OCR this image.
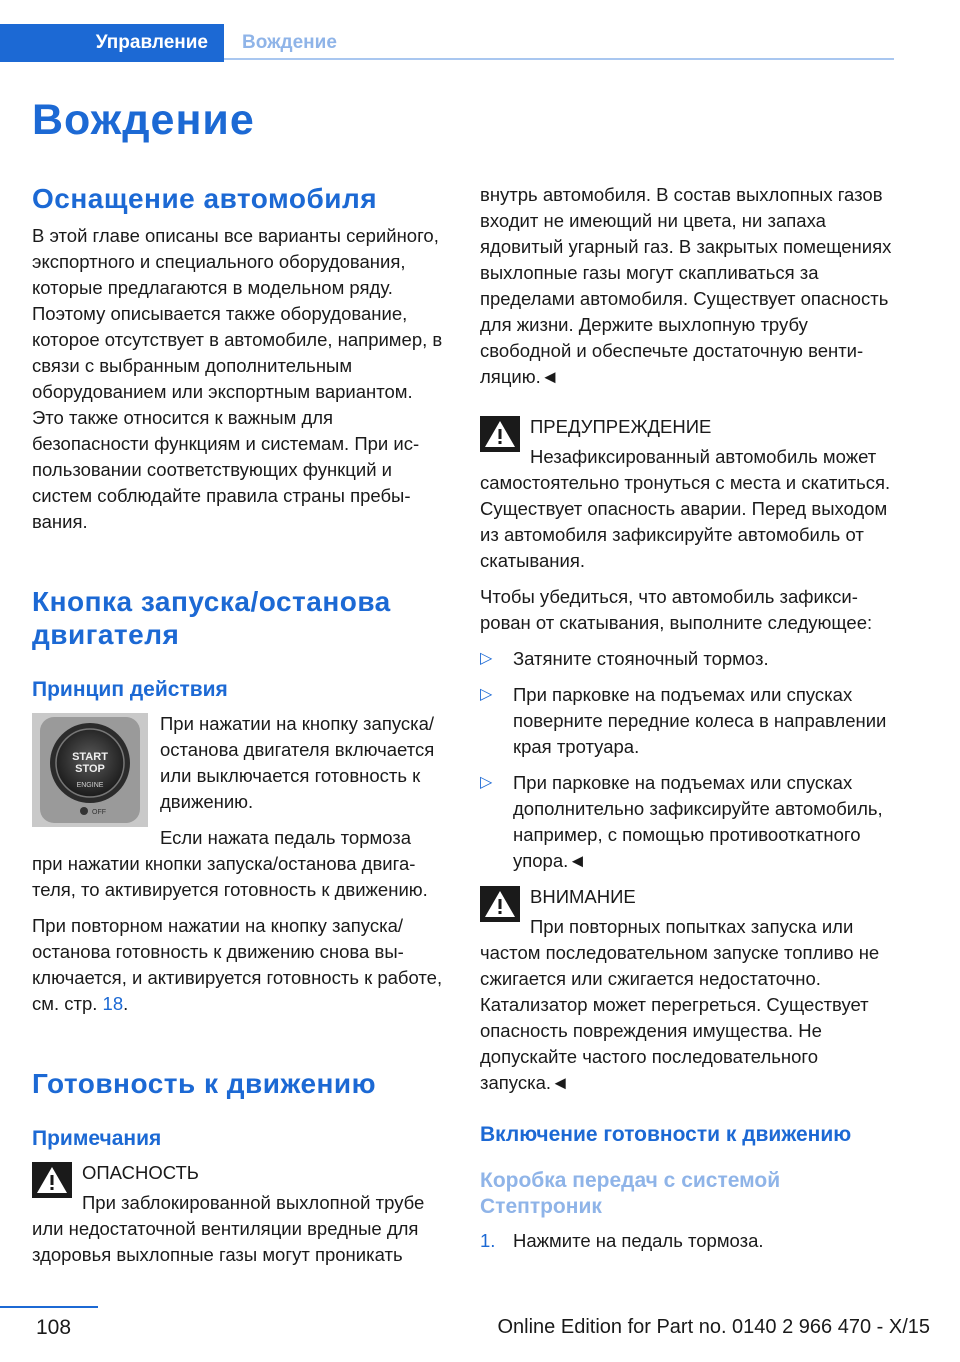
Управление	Вождение
Вождение
Оснащение автомобиля

В этой главе описаны все варианты серийного, экспортного и специального оборудования, которые предлагаются в модельном ряду. Поэтому описывается также оборудование, которое отсутствует в автомобиле, например, в связи с выбранным дополнительным оборудованием или экспортным вариантом. Это также относится к важным для безопасности функциям и системам. При использовании соответствующих функций и систем соблюдайте правила страны пребывания.

Кнопка запуска/останова двигателя
Принцип действия
START
STOP
ENGINE
OFF

При нажатии на кнопку запуска/останова двигателя включается или выключается готовность к движению.

Если нажата педаль тормоза при нажатии кнопки запуска/останова двигателя, то активируется готовность к движению.

При повторном нажатии на кнопку запуска/ останова готовность к движению снова выключается, и активируется готовность к работе, см. стр. 18.

Готовность к движению
Примечания

ОПАСНОСТЬ

При заблокированной выхлопной трубе или недостаточной вентиляции вредные для здоровья выхлопные газы могут проникать

внутрь автомобиля. В состав выхлопных газов входит не имеющий ни цвета, ни запаха ядовитый угарный газ. В закрытых помещениях выхлопные газы могут скапливаться за пределами автомобиля. Существует опасность для жизни. Держите выхлопную трубу свободной и обеспечьте достаточную вентиляцию.◄

ПРЕДУПРЕЖДЕНИЕ

Незафиксированный автомобиль может самостоятельно тронуться с места и скатиться. Существует опасность аварии. Перед выходом из автомобиля зафиксируйте автомобиль от скатывания.

Чтобы убедиться, что автомобиль зафиксирован от скатывания, выполните следующее:

▷ Затяните стояночный тормоз.
▷ При парковке на подъемах или спусках поверните передние колеса в направлении края тротуара.
▷ При парковке на подъемах или спусках дополнительно зафиксируйте автомобиль, например, с помощью противооткатного упора.◄

ВНИМАНИЕ

При повторных попытках запуска или частом последовательном запуске топливо не сжигается или сжигается недостаточно. Катализатор может перегреться. Существует опасность повреждения имущества. Не допускайте частого последовательного запуска.◄

Включение готовности к движению
Коробка передач с системой Стептроник
1. Нажмите на педаль тормоза.
108	Online Edition for Part no. 0140 2 966 470 - X/15
